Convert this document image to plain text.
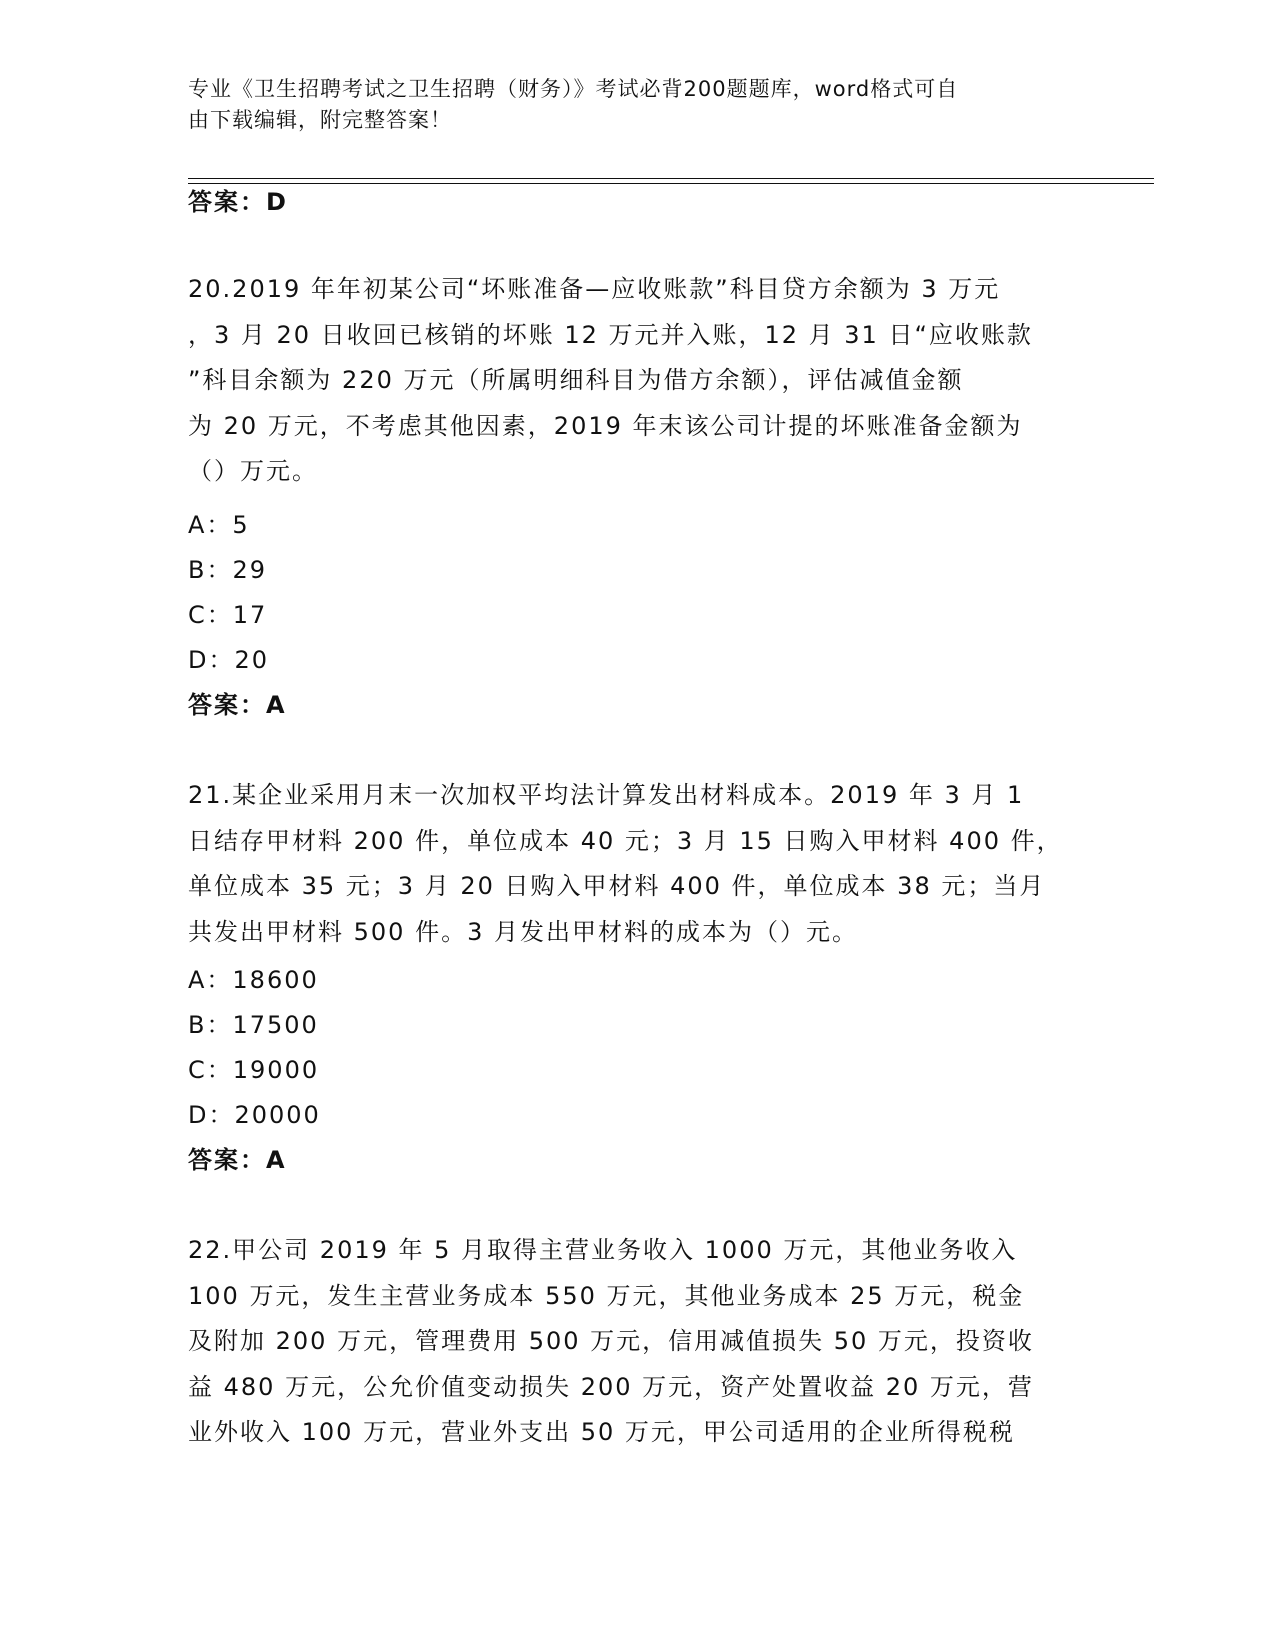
专业《卫生招聘考试之卫生招聘（财务）》考试必背200题题库，word格式可自
由下载编辑，附完整答案！
答案：D
20.2019 年年初某公司“坏账准备—应收账款”科目贷方余额为 3 万元
，3 月 20 日收回已核销的坏账 12 万元并入账，12 月 31 日“应收账款
”科目余额为 220 万元（所属明细科目为借方余额），评估减值金额
为 20 万元，不考虑其他因素，2019 年末该公司计提的坏账准备金额为
（）万元。
A：5
B：29
C：17
D：20
答案：A
21.某企业采用月末一次加权平均法计算发出材料成本。2019 年 3 月 1
日结存甲材料 200 件，单位成本 40 元；3 月 15 日购入甲材料 400 件，
单位成本 35 元；3 月 20 日购入甲材料 400 件，单位成本 38 元；当月
共发出甲材料 500 件。3 月发出甲材料的成本为（）元。
A：18600
B：17500
C：19000
D：20000
答案：A
22.甲公司 2019 年 5 月取得主营业务收入 1000 万元，其他业务收入
100 万元，发生主营业务成本 550 万元，其他业务成本 25 万元，税金
及附加 200 万元，管理费用 500 万元，信用减值损失 50 万元，投资收
益 480 万元，公允价值变动损失 200 万元，资产处置收益 20 万元，营
业外收入 100 万元，营业外支出 50 万元，甲公司适用的企业所得税税
